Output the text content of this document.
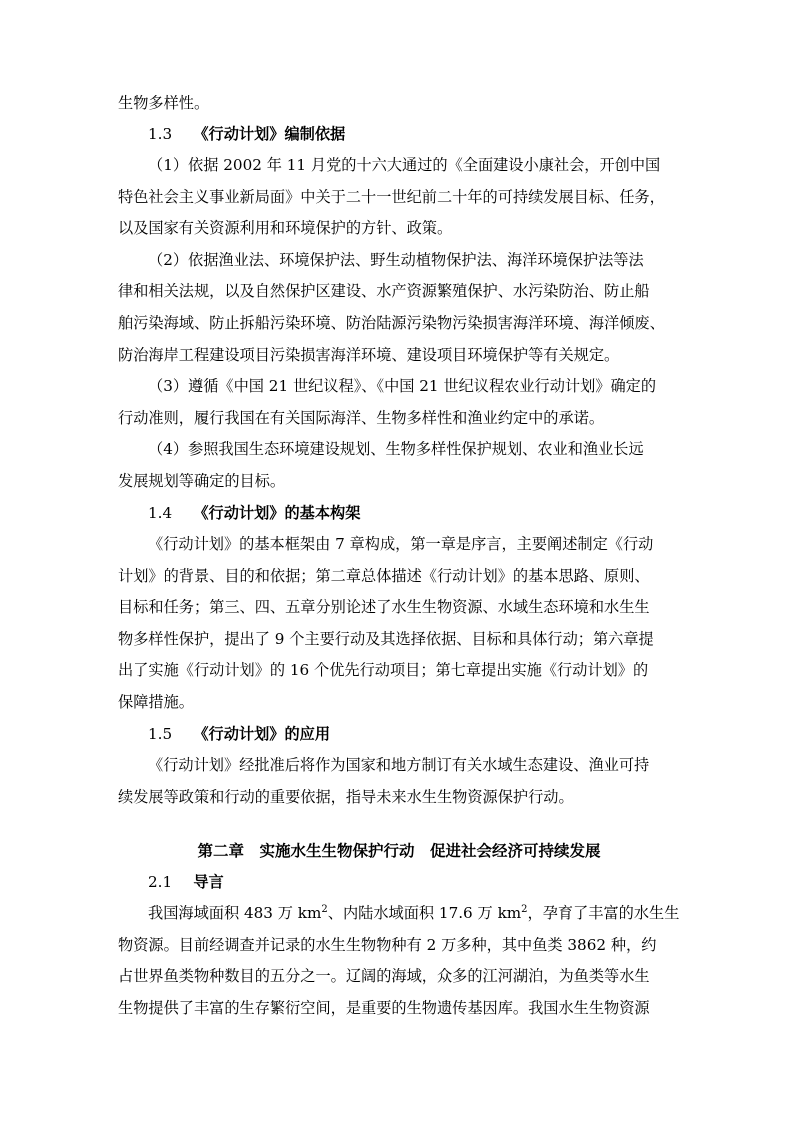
生物多样性。
1.3 《行动计划》编制依据
（1）依据 2002 年 11 月党的十六大通过的《全面建设小康社会，开创中国
特色社会主义事业新局面》中关于二十一世纪前二十年的可持续发展目标、任务，
以及国家有关资源利用和环境保护的方针、政策。
（2）依据渔业法、环境保护法、野生动植物保护法、海洋环境保护法等法
律和相关法规，以及自然保护区建设、水产资源繁殖保护、水污染防治、防止船
舶污染海域、防止拆船污染环境、防治陆源污染物污染损害海洋环境、海洋倾废、
防治海岸工程建设项目污染损害海洋环境、建设项目环境保护等有关规定。
（3）遵循《中国 21 世纪议程》、《中国 21 世纪议程农业行动计划》确定的
行动准则，履行我国在有关国际海洋、生物多样性和渔业约定中的承诺。
（4）参照我国生态环境建设规划、生物多样性保护规划、农业和渔业长远
发展规划等确定的目标。
1.4 《行动计划》的基本构架
《行动计划》的基本框架由 7 章构成，第一章是序言，主要阐述制定《行动
计划》的背景、目的和依据；第二章总体描述《行动计划》的基本思路、原则、
目标和任务；第三、四、五章分别论述了水生生物资源、水域生态环境和水生生
物多样性保护，提出了 9 个主要行动及其选择依据、目标和具体行动；第六章提
出了实施《行动计划》的 16 个优先行动项目；第七章提出实施《行动计划》的
保障措施。
1.5 《行动计划》的应用
《行动计划》经批准后将作为国家和地方制订有关水域生态建设、渔业可持
续发展等政策和行动的重要依据，指导未来水生生物资源保护行动。
第二章　实施水生生物保护行动　促进社会经济可持续发展
2.1 导言
我国海域面积 483 万 $km^2$、内陆水域面积 17.6 万 $km^2$，孕育了丰富的水生生
物资源。目前经调查并记录的水生生物物种有 2 万多种，其中鱼类 3862 种，约
占世界鱼类物种数目的五分之一。辽阔的海域，众多的江河湖泊，为鱼类等水生
生物提供了丰富的生存繁衍空间，是重要的生物遗传基因库。我国水生生物资源
